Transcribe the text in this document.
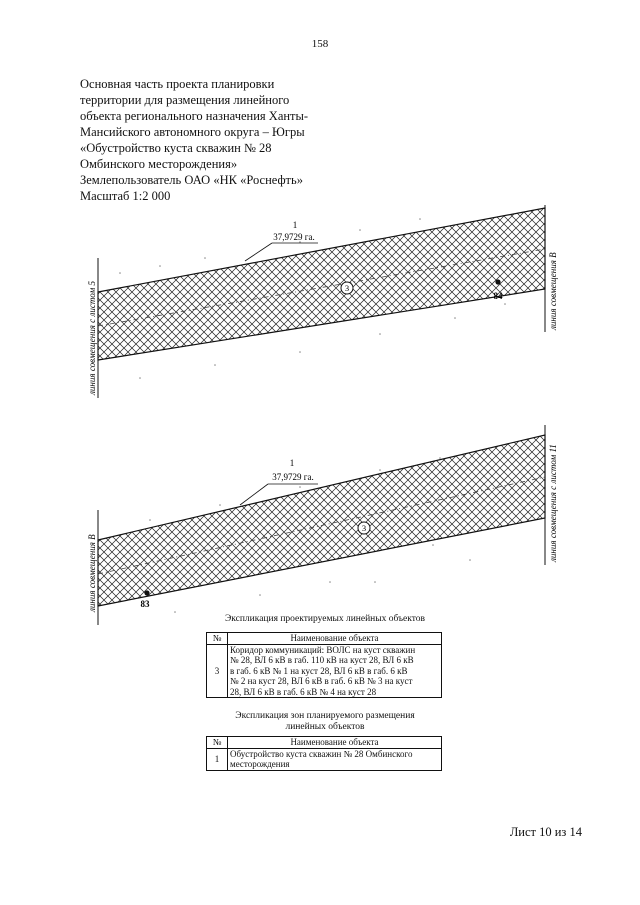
158
Основная часть проекта планировки
территории для размещения линейного
объекта регионального назначения Ханты-
Мансийского автономного округа – Югры
«Обустройство куста скважин № 28
Омбинского месторождения»
Землепользователь ОАО «НК «Роснефть»
Масштаб 1:2 000
1
37,9729 га.
3
84
линия совмещения с листом 5	линия совмещения В
1
37,9729 га.
3
83
линия совмещения В
линия совмещения с листом 11
Экспликация проектируемых линейных объектов
№	Наименование объекта
3	Коридор коммуникаций: ВОЛС на куст скважин
№ 28, ВЛ 6 кВ в габ. 110 кВ на куст 28, ВЛ 6 кВ
в габ. 6 кВ № 1 на куст 28, ВЛ 6 кВ в габ. 6 кВ
№ 2 на куст 28, ВЛ 6 кВ в габ. 6 кВ № 3 на куст
28, ВЛ 6 кВ в габ. 6 кВ № 4 на куст 28
Экспликация зон планируемого размещения
линейных объектов
№	Наименование объекта
1	Обустройство куста скважин № 28 Омбинского
месторождения
Лист 10 из 14
